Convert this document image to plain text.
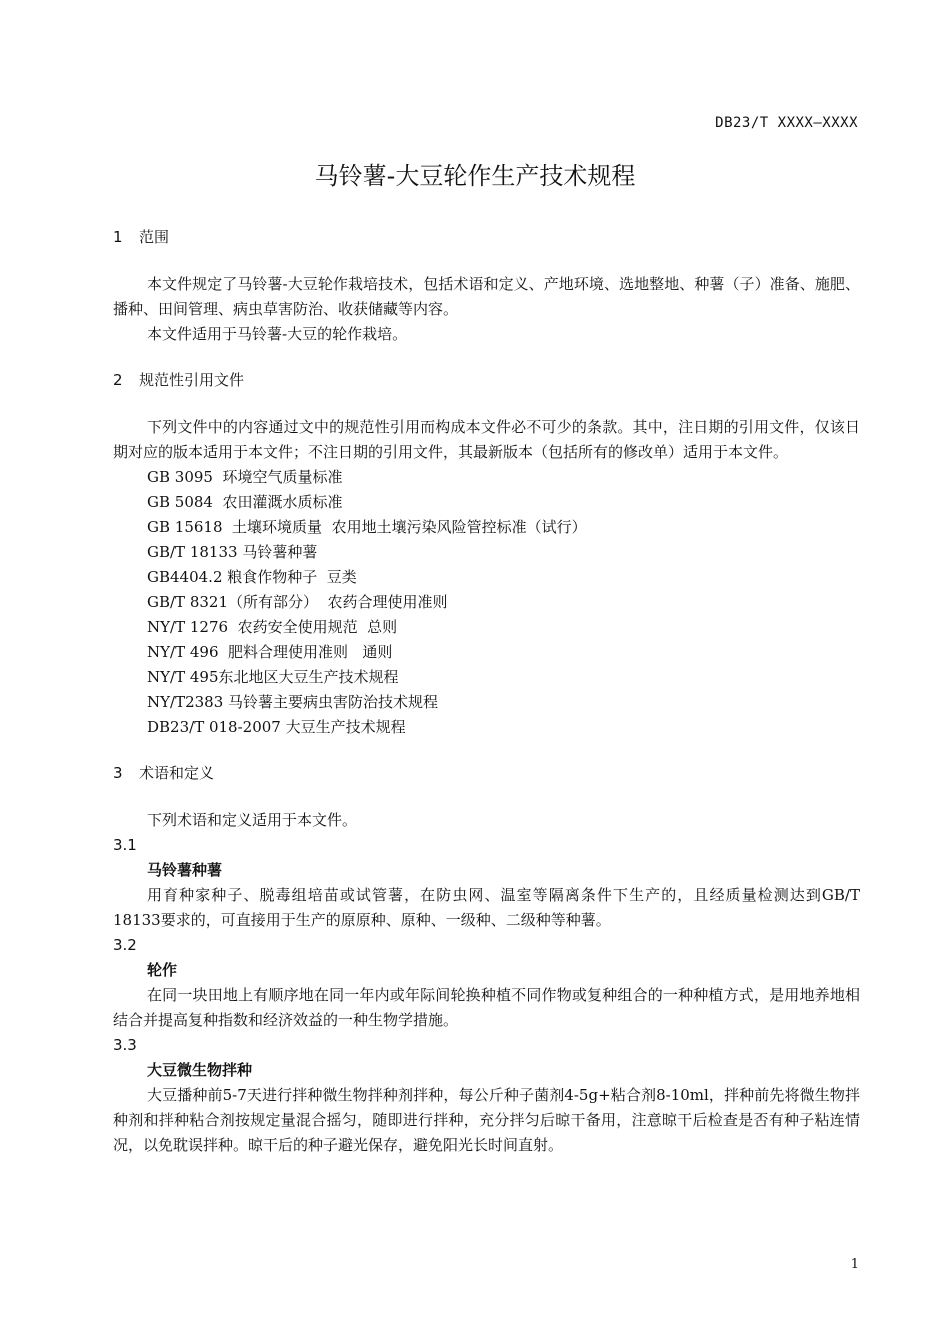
DB23/T XXXX—XXXX
马铃薯-大豆轮作生产技术规程
1 范围
本文件规定了马铃薯-大豆轮作栽培技术，包括术语和定义、产地环境、选地整地、种薯（子）准备、施肥、播种、田间管理、病虫草害防治、收获储藏等内容。
本文件适用于马铃薯-大豆的轮作栽培。
2 规范性引用文件
下列文件中的内容通过文中的规范性引用而构成本文件必不可少的条款。其中，注日期的引用文件，仅该日期对应的版本适用于本文件；不注日期的引用文件，其最新版本（包括所有的修改单）适用于本文件。
GB 3095  环境空气质量标准
GB 5084  农田灌溉水质标准
GB 15618  土壤环境质量  农用地土壤污染风险管控标准（试行）
GB/T 18133 马铃薯种薯
GB4404.2 粮食作物种子  豆类
GB/T 8321（所有部分）  农药合理使用准则
NY/T 1276  农药安全使用规范  总则
NY/T 496  肥料合理使用准则   通则
NY/T 495东北地区大豆生产技术规程
NY/T2383 马铃薯主要病虫害防治技术规程
DB23/T 018-2007 大豆生产技术规程
3 术语和定义
下列术语和定义适用于本文件。
3.1
马铃薯种薯
用育种家种子、脱毒组培苗或试管薯，在防虫网、温室等隔离条件下生产的，且经质量检测达到GB/T 18133要求的，可直接用于生产的原原种、原种、一级种、二级种等种薯。
3.2
轮作
在同一块田地上有顺序地在同一年内或年际间轮换种植不同作物或复种组合的一种种植方式，是用地养地相结合并提高复种指数和经济效益的一种生物学措施。
3.3
大豆微生物拌种
大豆播种前5-7天进行拌种微生物拌种剂拌种，每公斤种子菌剂4-5g+粘合剂8-10ml，拌种前先将微生物拌种剂和拌种粘合剂按规定量混合摇匀，随即进行拌种，充分拌匀后晾干备用，注意晾干后检查是否有种子粘连情况，以免耽误拌种。晾干后的种子避光保存，避免阳光长时间直射。
1
